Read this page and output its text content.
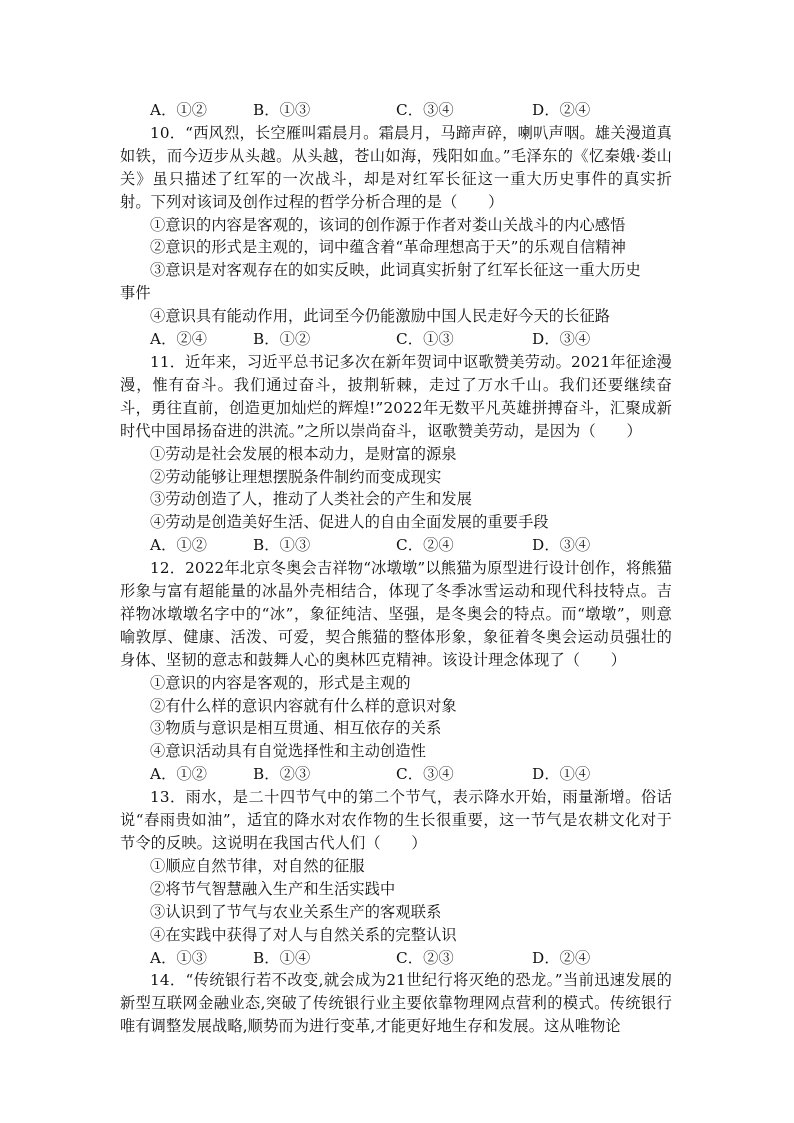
A．①②	B．①③	C．③④	D．②④

10．“西风烈，长空雁叫霜晨月。霜晨月，马蹄声碎，喇叭声咽。雄关漫道真如铁，而今迈步从头越。从头越，苍山如海，残阳如血。”毛泽东的《忆秦娥·娄山关》虽只描述了红军的一次战斗，却是对红军长征这一重大历史事件的真实折射。下列对该词及创作过程的哲学分析合理的是（　　）

①意识的内容是客观的，该词的创作源于作者对娄山关战斗的内心感悟

②意识的形式是主观的，词中蕴含着“革命理想高于天”的乐观自信精神

③意识是对客观存在的如实反映，此词真实折射了红军长征这一重大历史

事件

④意识具有能动作用，此词至今仍能激励中国人民走好今天的长征路

A．②④	B．①②	C．①③	D．③④

11．近年来，习近平总书记多次在新年贺词中讴歌赞美劳动。2021年征途漫漫，惟有奋斗。我们通过奋斗，披荆斩棘，走过了万水千山。我们还要继续奋斗，勇往直前，创造更加灿烂的辉煌!”2022年无数平凡英雄拼搏奋斗，汇聚成新时代中国昂扬奋进的洪流。”之所以崇尚奋斗，讴歌赞美劳动，是因为（　　）

①劳动是社会发展的根本动力，是财富的源泉

②劳动能够让理想摆脱条件制约而变成现实

③劳动创造了人，推动了人类社会的产生和发展

④劳动是创造美好生活、促进人的自由全面发展的重要手段

A．①②	B．①③	C．②④	D．③④

12．2022年北京冬奥会吉祥物“冰墩墩”以熊猫为原型进行设计创作，将熊猫形象与富有超能量的冰晶外壳相结合，体现了冬季冰雪运动和现代科技特点。吉祥物冰墩墩名字中的“冰”，象征纯洁、坚强，是冬奥会的特点。而“墩墩”，则意喻敦厚、健康、活泼、可爱，契合熊猫的整体形象，象征着冬奥会运动员强壮的身体、坚韧的意志和鼓舞人心的奥林匹克精神。该设计理念体现了（　　）

①意识的内容是客观的，形式是主观的

②有什么样的意识内容就有什么样的意识对象

③物质与意识是相互贯通、相互依存的关系

④意识活动具有自觉选择性和主动创造性

A．①②	B．②③	C．③④	D．①④

13．雨水，是二十四节气中的第二个节气，表示降水开始，雨量渐增。俗话说“春雨贵如油”，适宜的降水对农作物的生长很重要，这一节气是农耕文化对于节令的反映。这说明在我国古代人们（　　）

①顺应自然节律，对自然的征服

②将节气智慧融入生产和生活实践中

③认识到了节气与农业关系生产的客观联系

④在实践中获得了对人与自然关系的完整认识

A．①③	B．①④	C．②③	D．②④

14．“传统银行若不改变,就会成为21世纪行将灭绝的恐龙。”当前迅速发展的新型互联网金融业态,突破了传统银行业主要依靠物理网点营利的模式。传统银行唯有调整发展战略,顺势而为进行变革,才能更好地生存和发展。这从唯物论
